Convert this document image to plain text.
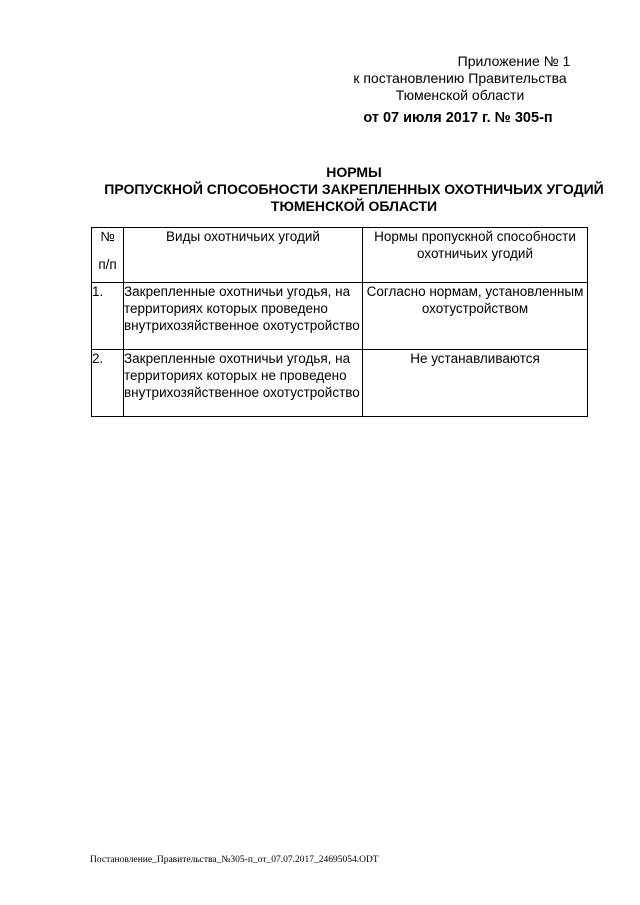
Приложение № 1
к постановлению Правительства
Тюменской области
от 07 июля 2017 г. № 305-п
НОРМЫ
ПРОПУСКНОЙ СПОСОБНОСТИ ЗАКРЕПЛЕННЫХ ОХОТНИЧЬИХ УГОДИЙ
ТЮМЕНСКОЙ ОБЛАСТИ
№
п/п	Виды охотничьих угодий	Нормы пропускной способности охотничьих угодий
1.	Закрепленные охотничьи угодья, на территориях которых проведено внутрихозяйственное охотустройство	Согласно нормам, установленным охотустройством
2.	Закрепленные охотничьи угодья, на территориях которых не проведено внутрихозяйственное охотустройство	Не устанавливаются
Постановление_Правительства_№305-п_от_07.07.2017_24695054.ODT
